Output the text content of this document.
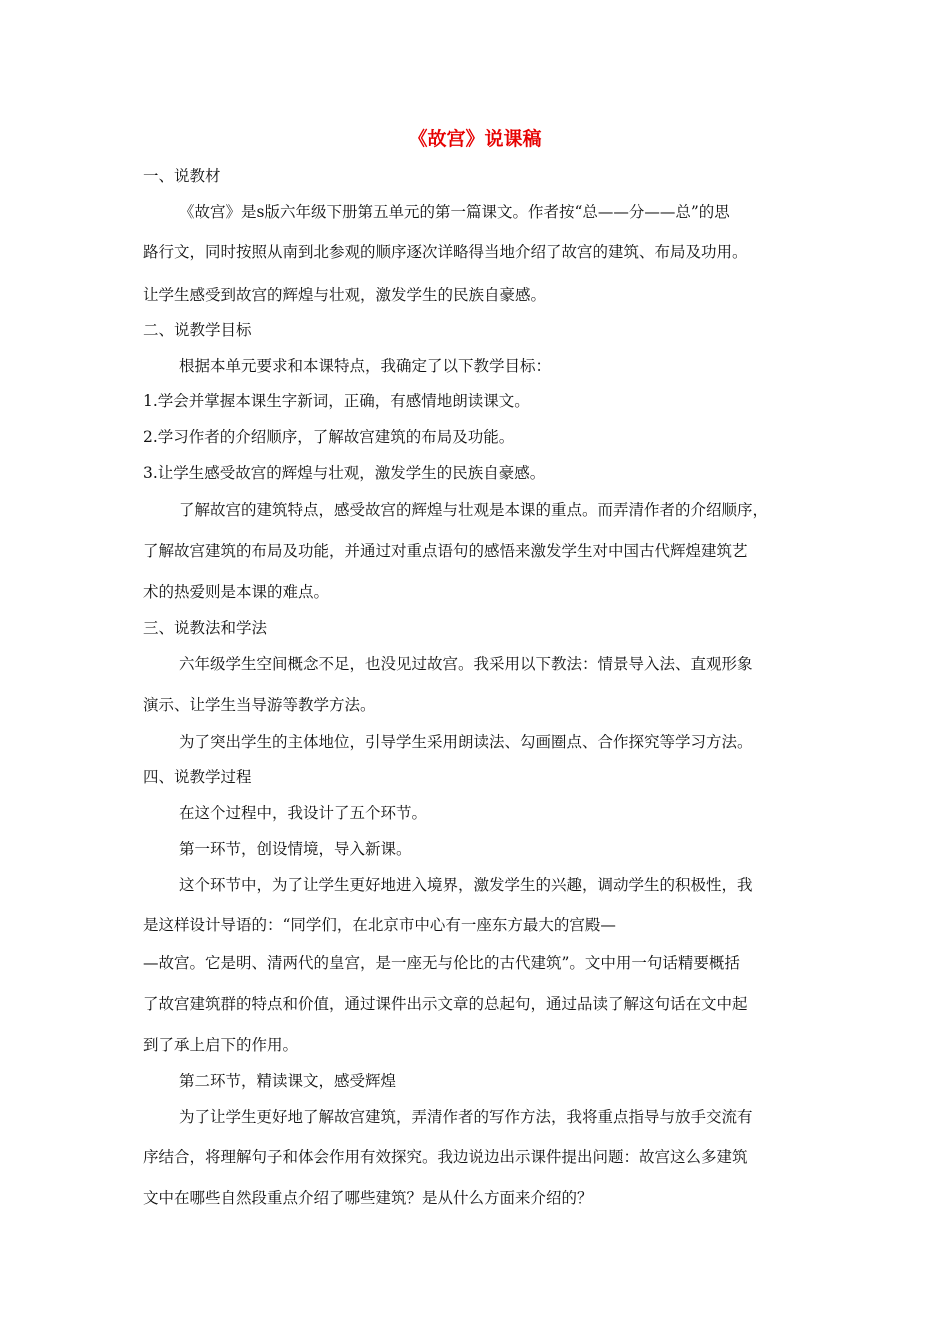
《故宫》说课稿
一、说教材
《故宫》是s版六年级下册第五单元的第一篇课文。作者按“总——分——总”的思
路行文，同时按照从南到北参观的顺序逐次详略得当地介绍了故宫的建筑、布局及功用。
让学生感受到故宫的辉煌与壮观，激发学生的民族自豪感。
二、说教学目标
根据本单元要求和本课特点，我确定了以下教学目标：
1.学会并掌握本课生字新词，正确，有感情地朗读课文。
2.学习作者的介绍顺序，了解故宫建筑的布局及功能。
3.让学生感受故宫的辉煌与壮观，激发学生的民族自豪感。
了解故宫的建筑特点，感受故宫的辉煌与壮观是本课的重点。而弄清作者的介绍顺序，
了解故宫建筑的布局及功能，并通过对重点语句的感悟来激发学生对中国古代辉煌建筑艺
术的热爱则是本课的难点。
三、说教法和学法
六年级学生空间概念不足，也没见过故宫。我采用以下教法：情景导入法、直观形象
演示、让学生当导游等教学方法。
为了突出学生的主体地位，引导学生采用朗读法、勾画圈点、合作探究等学习方法。
四、说教学过程
在这个过程中，我设计了五个环节。
第一环节，创设情境，导入新课。
这个环节中，为了让学生更好地进入境界，激发学生的兴趣，调动学生的积极性，我
是这样设计导语的：“同学们，在北京市中心有一座东方最大的宫殿—
—故宫。它是明、清两代的皇宫，是一座无与伦比的古代建筑”。文中用一句话精要概括
了故宫建筑群的特点和价值，通过课件出示文章的总起句，通过品读了解这句话在文中起
到了承上启下的作用。
第二环节，精读课文，感受辉煌
为了让学生更好地了解故宫建筑，弄清作者的写作方法，我将重点指导与放手交流有
序结合，将理解句子和体会作用有效探究。我边说边出示课件提出问题：故宫这么多建筑
文中在哪些自然段重点介绍了哪些建筑？是从什么方面来介绍的？
